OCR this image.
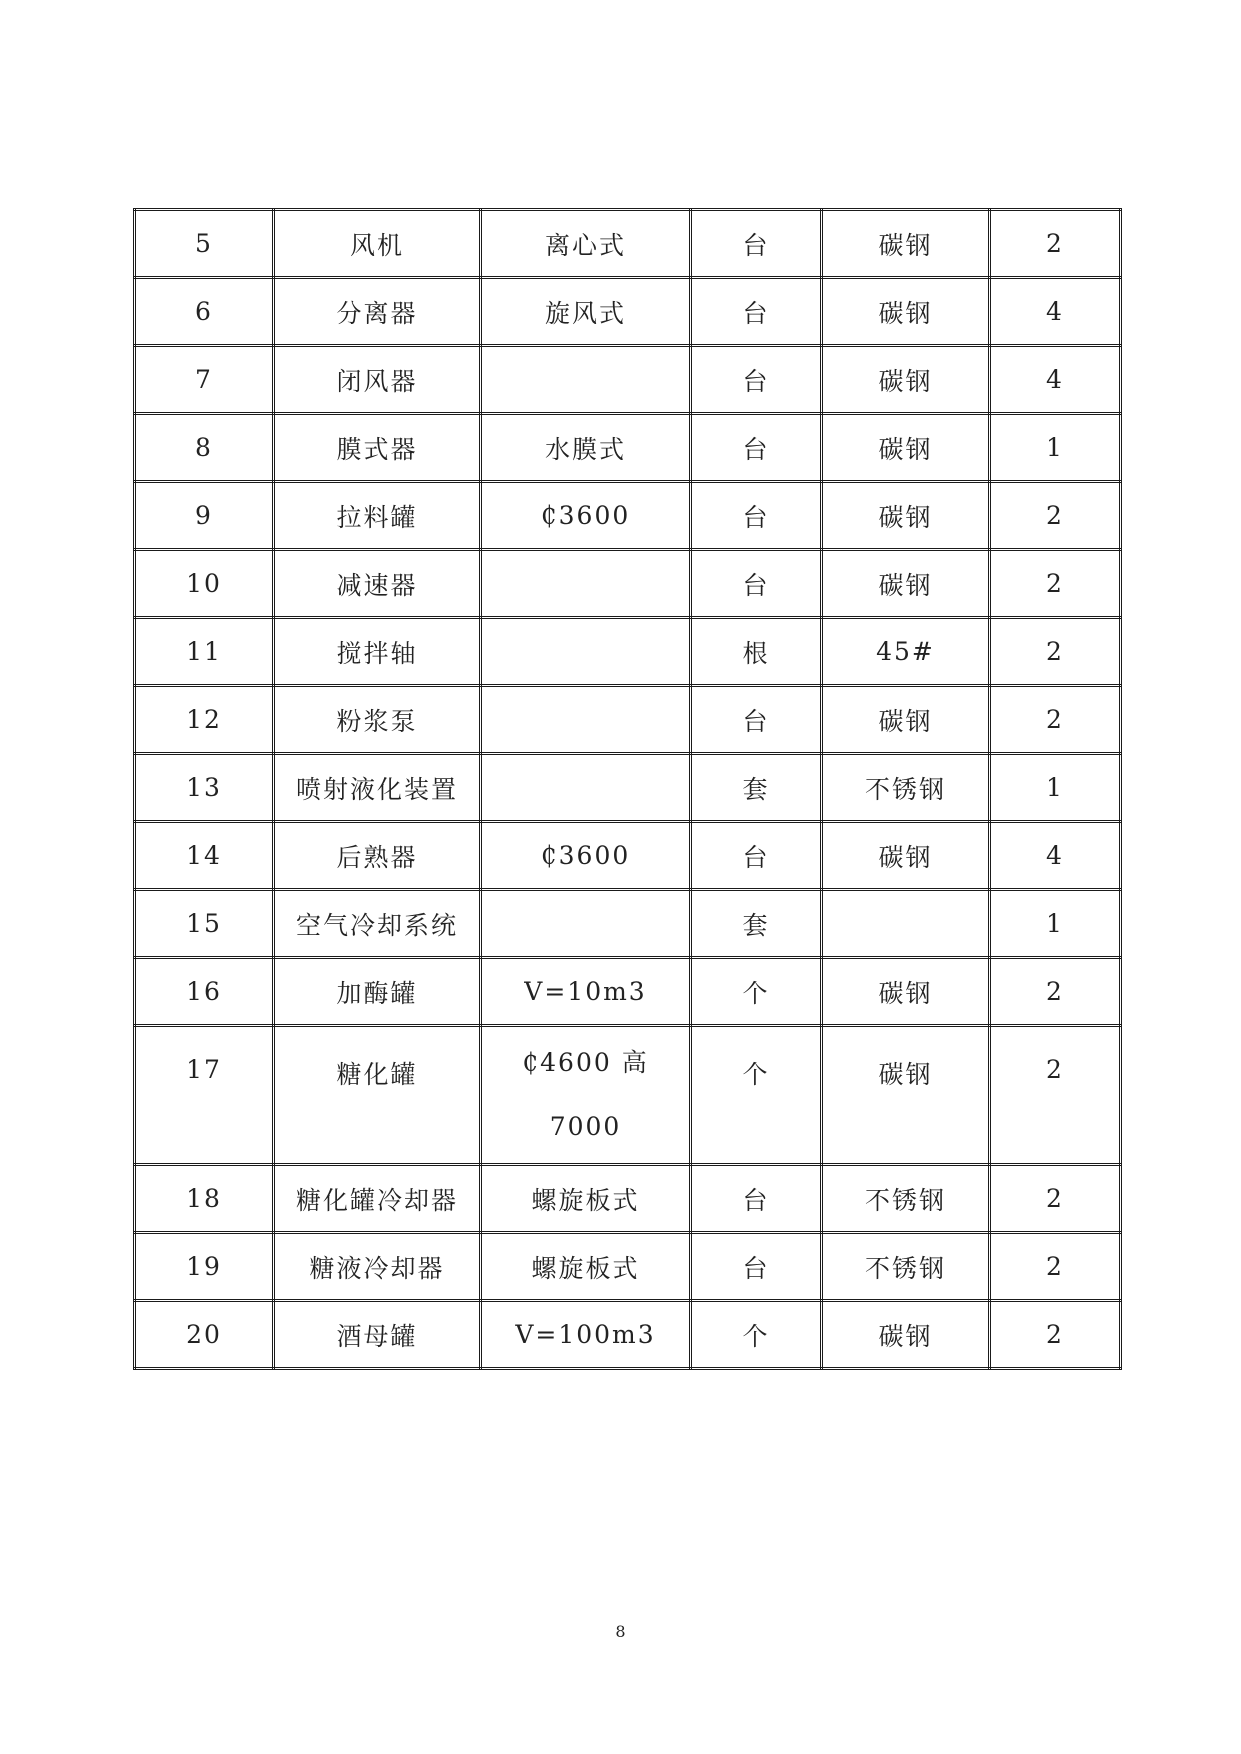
5	风机	离心式	台	碳钢	2
6	分离器	旋风式	台	碳钢	4
7	闭风器		台	碳钢	4
8	膜式器	水膜式	台	碳钢	1
9	拉料罐	₵3600	台	碳钢	2
10	减速器		台	碳钢	2
11	搅拌轴		根	45#	2
12	粉浆泵		台	碳钢	2
13	喷射液化装置		套	不锈钢	1
14	后熟器	₵3600	台	碳钢	4
15	空气冷却系统		套		1
16	加酶罐	V=10m3	个	碳钢	2
17	糖化罐	₵4600 高 7000	个	碳钢	2
18	糖化罐冷却器	螺旋板式	台	不锈钢	2
19	糖液冷却器	螺旋板式	台	不锈钢	2
20	酒母罐	V=100m3	个	碳钢	2
8
